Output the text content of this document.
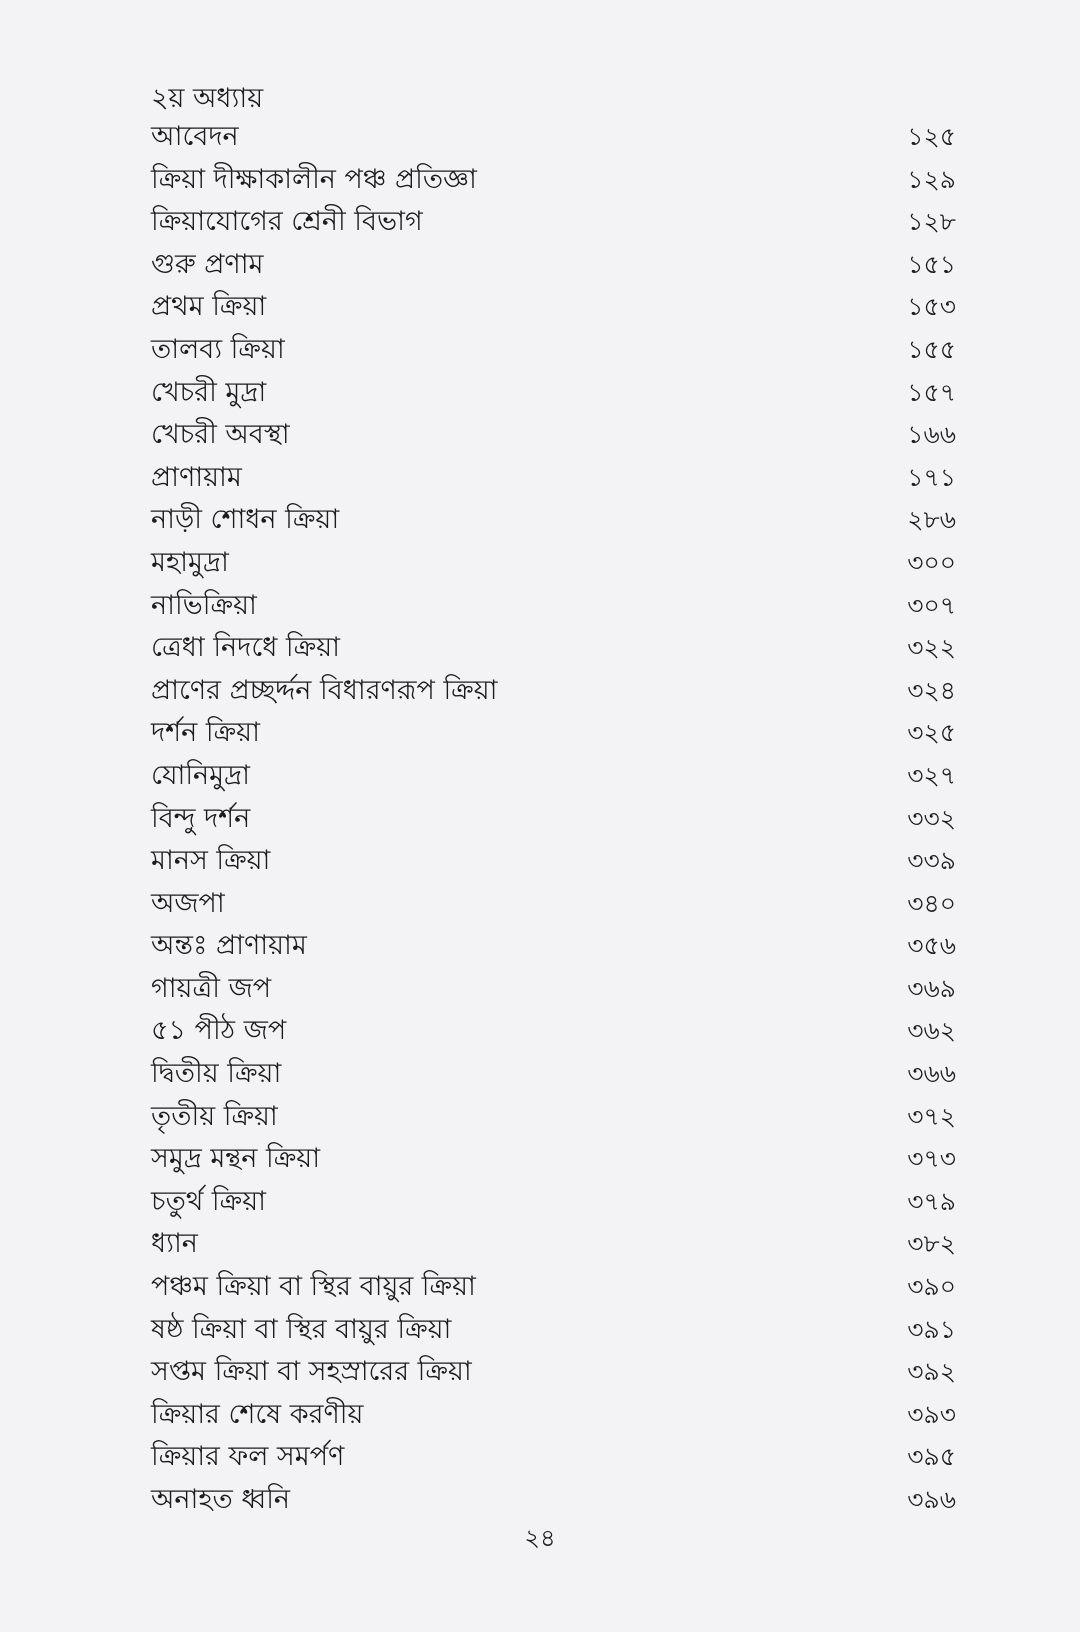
২য় অধ্যায়
আবেদন	১২৫
ক্রিয়া দীক্ষাকালীন পঞ্চ প্রতিজ্ঞা	১২৯
ক্রিয়াযোগের শ্রেনী বিভাগ	১২৮
গুরু প্রণাম	১৫১
প্রথম ক্রিয়া	১৫৩
তালব্য ক্রিয়া	১৫৫
খেচরী মুদ্রা	১৫৭
খেচরী অবস্থা	১৬৬
প্রাণায়াম	১৭১
নাড়ী শোধন ক্রিয়া	২৮৬
মহামুদ্রা	৩০০
নাভিক্রিয়া	৩০৭
ত্রেধা নিদধে ক্রিয়া	৩২২
প্রাণের প্রচ্ছর্দ্দন বিধারণরূপ ক্রিয়া	৩২৪
দর্শন ক্রিয়া	৩২৫
যোনিমুদ্রা	৩২৭
বিন্দু দর্শন	৩৩২
মানস ক্রিয়া	৩৩৯
অজপা	৩৪০
অন্তঃ প্রাণায়াম	৩৫৬
গায়ত্রী জপ	৩৬৯
৫১ পীঠ জপ	৩৬২
দ্বিতীয় ক্রিয়া	৩৬৬
তৃতীয় ক্রিয়া	৩৭২
সমুদ্র মন্থন ক্রিয়া	৩৭৩
চতুর্থ ক্রিয়া	৩৭৯
ধ্যান	৩৮২
পঞ্চম ক্রিয়া বা স্থির বায়ুর ক্রিয়া	৩৯০
ষষ্ঠ ক্রিয়া বা স্থির বায়ুর ক্রিয়া	৩৯১
সপ্তম ক্রিয়া বা সহস্রারের ক্রিয়া	৩৯২
ক্রিয়ার শেষে করণীয়	৩৯৩
ক্রিয়ার ফল সমর্পণ	৩৯৫
অনাহত ধ্বনি	৩৯৬
২৪
